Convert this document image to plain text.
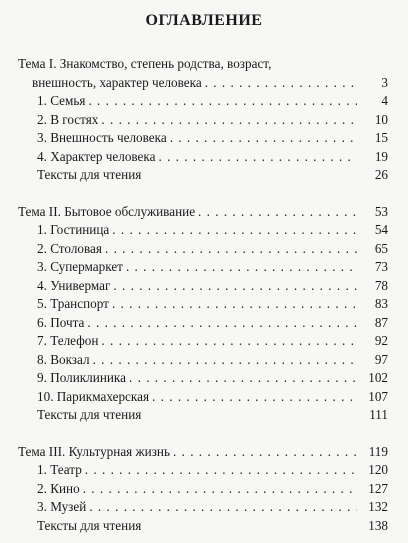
ОГЛАВЛЕНИЕ
Тема I. Знакомство, степень родства, возраст,
внешность, характер человека . . .	3
1. Семья . . .	4
2. В гостях . . .	10
3. Внешность человека . . .	15
4. Характер человека . . .	19
Тексты для чтения	26
Тема II. Бытовое обслуживание . . .	53
1. Гостиница . . .	54
2. Столовая . . .	65
3. Супермаркет . . .	73
4. Универмаг . . .	78
5. Транспорт . . .	83
6. Почта . . .	87
7. Телефон . . .	92
8. Вокзал . . .	97
9. Поликлиника . . .	102
10. Парикмахерская . . .	107
Тексты для чтения	111
Тема III. Культурная жизнь . . .	119
1. Театр . . .	120
2. Кино . . .	127
3. Музей . . .	132
Тексты для чтения	138
